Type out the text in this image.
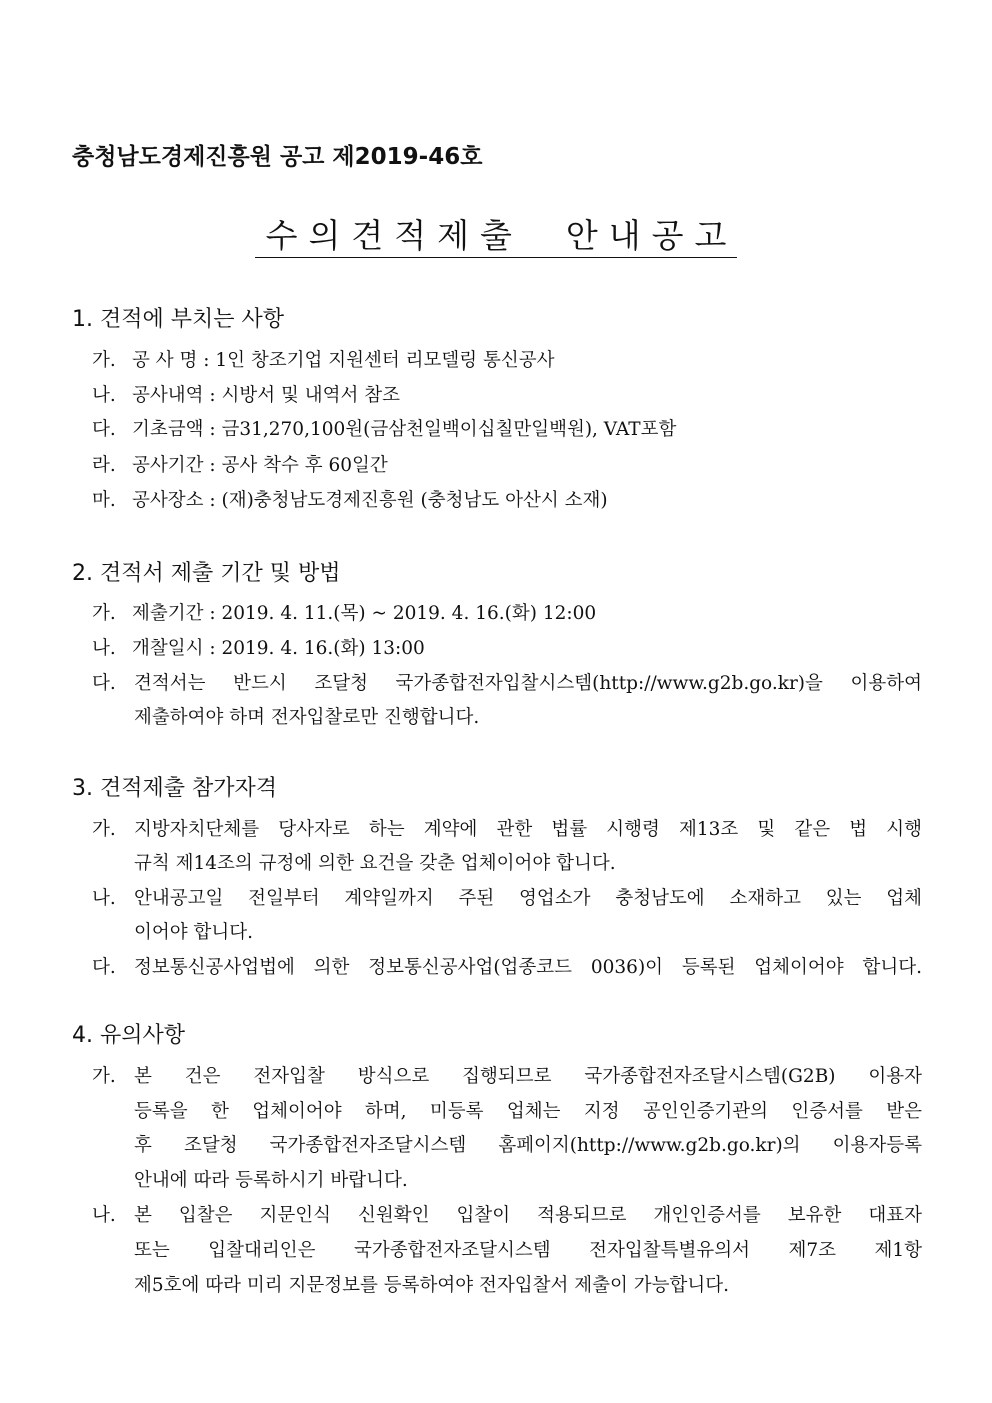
충청남도경제진흥원 공고 제2019-46호
수의견적제출  안내공고
1. 견적에 부치는 사항
가. 공 사 명 : 1인 창조기업 지원센터 리모델링 통신공사
나. 공사내역 : 시방서 및 내역서 참조
다. 기초금액 : 금31,270,100원(금삼천일백이십칠만일백원), VAT포함
라. 공사기간 : 공사 착수 후 60일간
마. 공사장소 : (재)충청남도경제진흥원 (충청남도 아산시 소재)
2. 견적서 제출 기간 및 방법
가. 제출기간 : 2019. 4. 11.(목) ~ 2019. 4. 16.(화) 12:00
나. 개찰일시 : 2019. 4. 16.(화) 13:00
다. 견적서는 반드시 조달청 국가종합전자입찰시스템(http://www.g2b.go.kr)을 이용하여
제출하여야 하며 전자입찰로만 진행합니다.
3. 견적제출 참가자격
가. 지방자치단체를 당사자로 하는 계약에 관한 법률 시행령 제13조 및 같은 법 시행
규칙 제14조의 규정에 의한 요건을 갖춘 업체이어야 합니다.
나. 안내공고일 전일부터 계약일까지 주된 영업소가 충청남도에 소재하고 있는 업체
이어야 합니다.
다. 정보통신공사업법에 의한 정보통신공사업(업종코드 0036)이 등록된 업체이어야 합니다.
4. 유의사항
가. 본 건은 전자입찰 방식으로 집행되므로 국가종합전자조달시스템(G2B) 이용자
등록을 한 업체이어야 하며, 미등록 업체는 지정 공인인증기관의 인증서를 받은
후 조달청 국가종합전자조달시스템 홈페이지(http://www.g2b.go.kr)의 이용자등록
안내에 따라 등록하시기 바랍니다.
나. 본 입찰은 지문인식 신원확인 입찰이 적용되므로 개인인증서를 보유한 대표자
또는 입찰대리인은 국가종합전자조달시스템 전자입찰특별유의서 제7조 제1항
제5호에 따라 미리 지문정보를 등록하여야 전자입찰서 제출이 가능합니다.
